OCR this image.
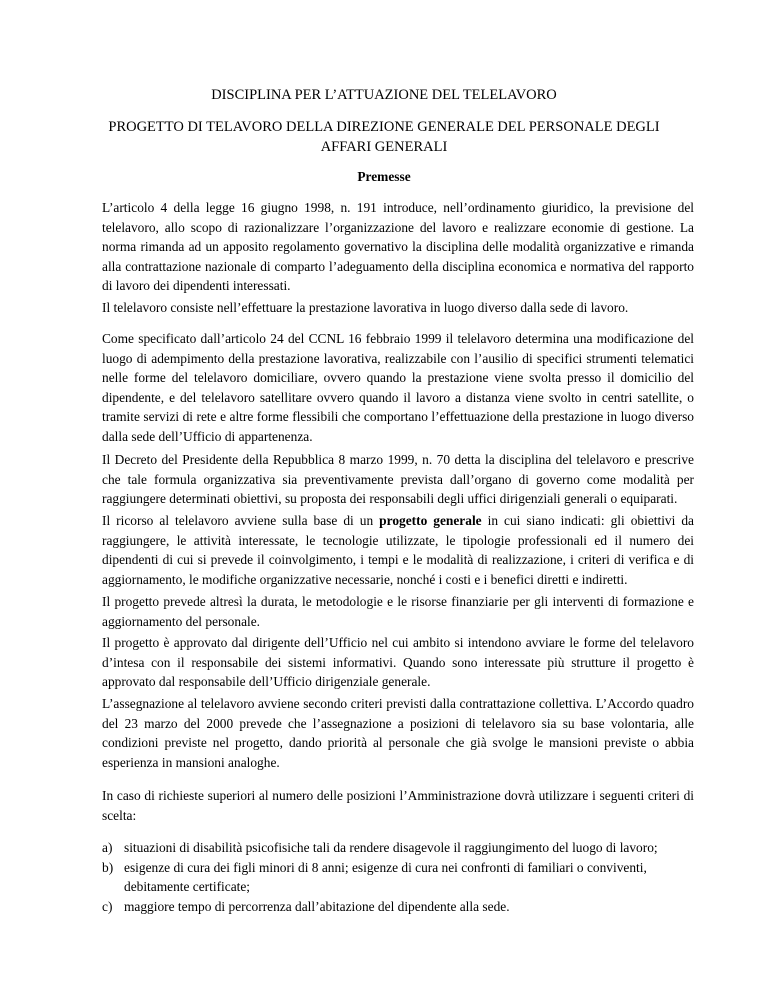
DISCIPLINA PER L’ATTUAZIONE DEL TELELAVORO
PROGETTO DI TELAVORO DELLA DIREZIONE GENERALE DEL PERSONALE DEGLI AFFARI GENERALI
Premesse

L’articolo 4 della legge 16 giugno 1998, n. 191 introduce, nell’ordinamento giuridico, la previsione del telelavoro, allo scopo di razionalizzare l’organizzazione del lavoro e realizzare economie di gestione. La norma rimanda ad un apposito regolamento governativo la disciplina delle modalità organizzative e rimanda alla contrattazione nazionale di comparto l’adeguamento della disciplina economica e normativa del rapporto di lavoro dei dipendenti interessati.

Il telelavoro consiste nell’effettuare la prestazione lavorativa in luogo diverso dalla sede di lavoro.

Come specificato dall’articolo 24 del CCNL 16 febbraio 1999 il telelavoro determina una modificazione del luogo di adempimento della prestazione lavorativa, realizzabile con l’ausilio di specifici strumenti telematici nelle forme del telelavoro domiciliare, ovvero quando la prestazione viene svolta presso il domicilio del dipendente, e del telelavoro satellitare ovvero quando il lavoro a distanza viene svolto in centri satellite, o tramite servizi di rete e altre forme flessibili che comportano l’effettuazione della prestazione in luogo diverso dalla sede dell’Ufficio di appartenenza.

Il Decreto del Presidente della Repubblica 8 marzo 1999, n. 70 detta la disciplina del telelavoro e prescrive che tale formula organizzativa sia preventivamente prevista dall’organo di governo come modalità per raggiungere determinati obiettivi, su proposta dei responsabili degli uffici dirigenziali generali o equiparati.

Il ricorso al telelavoro avviene sulla base di un progetto generale in cui siano indicati: gli obiettivi da raggiungere, le attività interessate, le tecnologie utilizzate, le tipologie professionali ed il numero dei dipendenti di cui si prevede il coinvolgimento, i tempi e le modalità di realizzazione, i criteri di verifica e di aggiornamento, le modifiche organizzative necessarie, nonché i costi e i benefici diretti e indiretti.

Il progetto prevede altresì la durata, le metodologie e le risorse finanziarie per gli interventi di formazione e aggiornamento del personale.

Il progetto è approvato dal dirigente dell’Ufficio nel cui ambito si intendono avviare le forme del telelavoro d’intesa con il responsabile dei sistemi informativi. Quando sono interessate più strutture il progetto è approvato dal responsabile dell’Ufficio dirigenziale generale.

L’assegnazione al telelavoro avviene secondo criteri previsti dalla contrattazione collettiva. L’Accordo quadro del 23 marzo del 2000 prevede che l’assegnazione a posizioni di telelavoro sia su base volontaria, alle condizioni previste nel progetto, dando priorità al personale che già svolge le mansioni previste o abbia esperienza in mansioni analoghe.

In caso di richieste superiori al numero delle posizioni l’Amministrazione dovrà utilizzare i seguenti criteri di scelta:

a) situazioni di disabilità psicofisiche tali da rendere disagevole il raggiungimento del luogo di lavoro;
b) esigenze di cura dei figli minori di 8 anni; esigenze di cura nei confronti di familiari o conviventi, debitamente certificate;
c) maggiore tempo di percorrenza dall’abitazione del dipendente alla sede.
